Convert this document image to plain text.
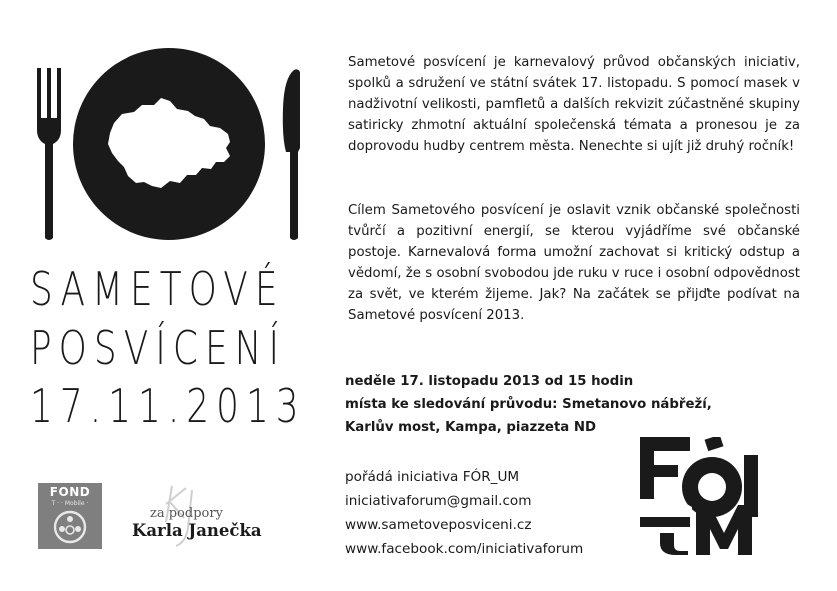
SAMETOVÉ
POSVÍCENÍ
17.11.2013
Sametové posvícení je karnevalový průvod občanských iniciativ, spolků a sdružení ve státní svátek 17. listopadu. S pomocí masek v nadživotní velikosti, pamfletů a dalších rekvizit zúčastněné skupiny satiricky zhmotní aktuální společenská témata a pronesou je za doprovodu hudby centrem města. Nenechte si ujít již druhý ročník!
Cílem Sametového posvícení je oslavit vznik občanské společnosti tvůrčí a pozitivní energií, se kterou vyjádříme své občanské postoje. Karnevalová forma umožní zachovat si kritický odstup a vědomí, že s osobní svobodou jde ruku v ruce i osobní odpovědnost za svět, ve kterém žijeme. Jak? Na začátek se přijďte podívat na Sametové posvícení 2013.
neděle 17. listopadu 2013 od 15 hodin
místa ke sledování průvodu: Smetanovo nábřeží,
Karlův most, Kampa, piazzeta ND
pořádá iniciativa FÓR_UM
iniciativaforum@gmail.com
www.sametoveposviceni.cz
www.facebook.com/iniciativaforum
FOND
T · · Mobile ·
za podpory
Karla Janečka
